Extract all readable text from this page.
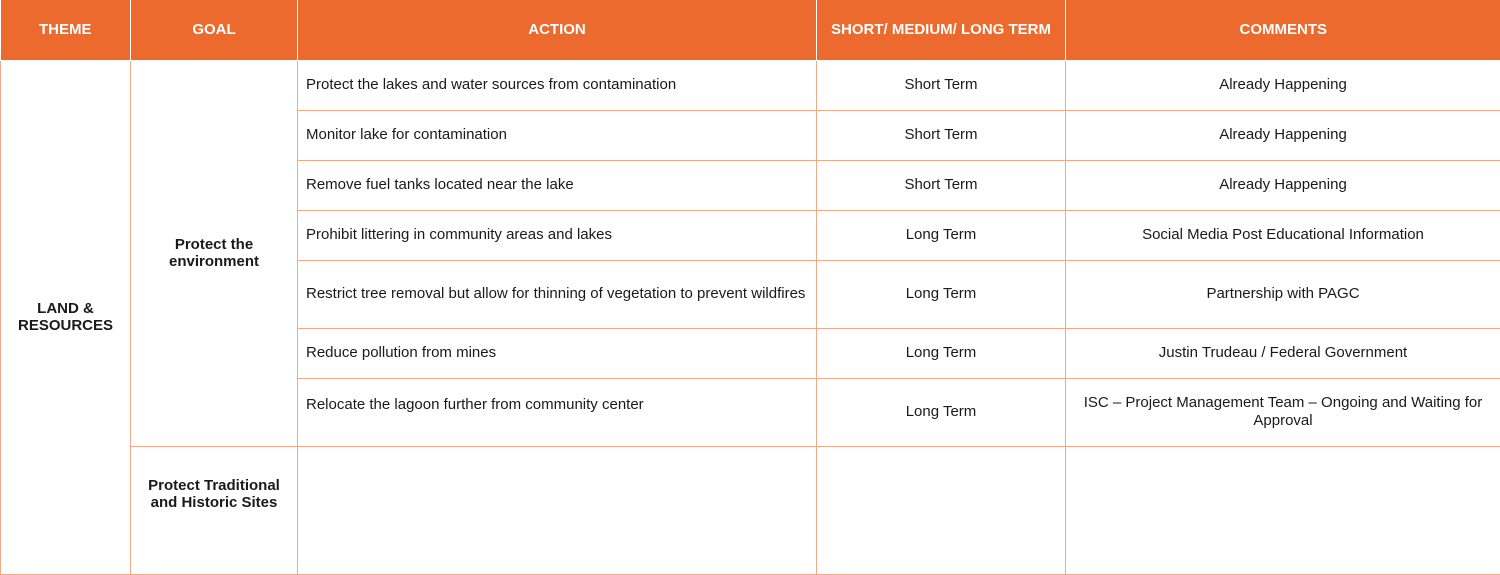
THEME	GOAL	ACTION	SHORT/ MEDIUM/ LONG TERM	COMMENTS

LAND & RESOURCES	Protect the environment	Protect the lakes and water sources from contamination	Short Term	Already Happening
		Monitor lake for contamination	Short Term	Already Happening
		Remove fuel tanks located near the lake	Short Term	Already Happening
		Prohibit littering in community areas and lakes	Long Term	Social Media Post Educational Information
		Restrict tree removal but allow for thinning of vegetation to prevent wildfires	Long Term	Partnership with PAGC
		Reduce pollution from mines	Long Term	Justin Trudeau / Federal Government
		Relocate the lagoon further from community center	Long Term	ISC – Project Management Team – Ongoing and Waiting for Approval

	Protect Traditional and Historic Sites			
